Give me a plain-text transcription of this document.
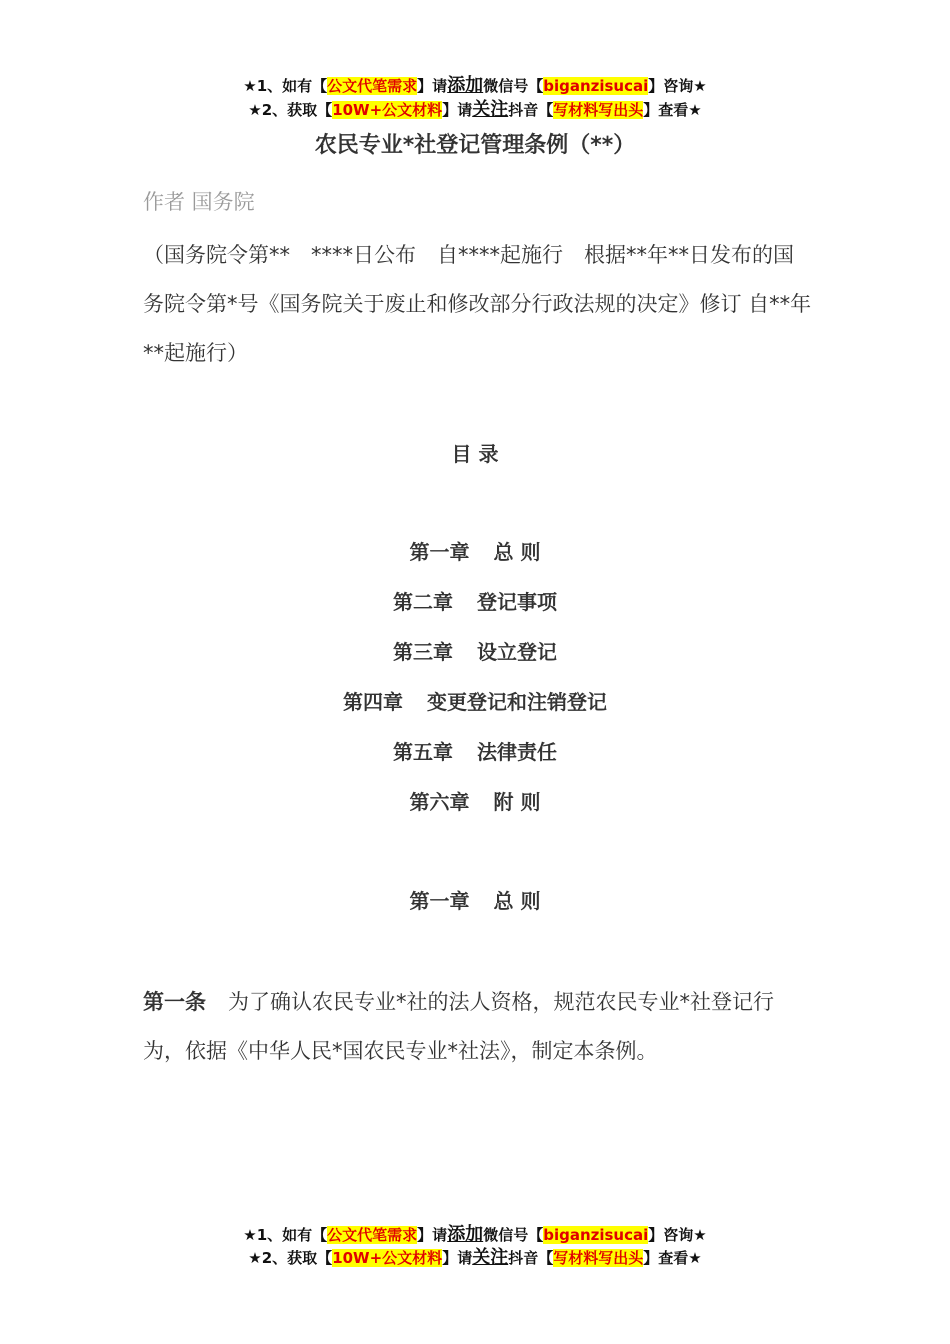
★1、如有【公文代笔需求】请添加微信号【biganzisucai】咨询★
★2、获取【10W+公文材料】请关注抖音【写材料写出头】查看★
农民专业*社登记管理条例（**）
作者 国务院
（国务院令第**　****日公布　自****起施行　根据**年**日发布的国务院令第*号《国务院关于废止和修改部分行政法规的决定》修订 自**年**起施行）
目 录
第一章 总 则
第二章 登记事项
第三章 设立登记
第四章 变更登记和注销登记
第五章 法律责任
第六章 附 则
第一章 总 则
第一条 为了确认农民专业*社的法人资格，规范农民专业*社登记行为，依据《中华人民*国农民专业*社法》，制定本条例。
★1、如有【公文代笔需求】请添加微信号【biganzisucai】咨询★
★2、获取【10W+公文材料】请关注抖音【写材料写出头】查看★
